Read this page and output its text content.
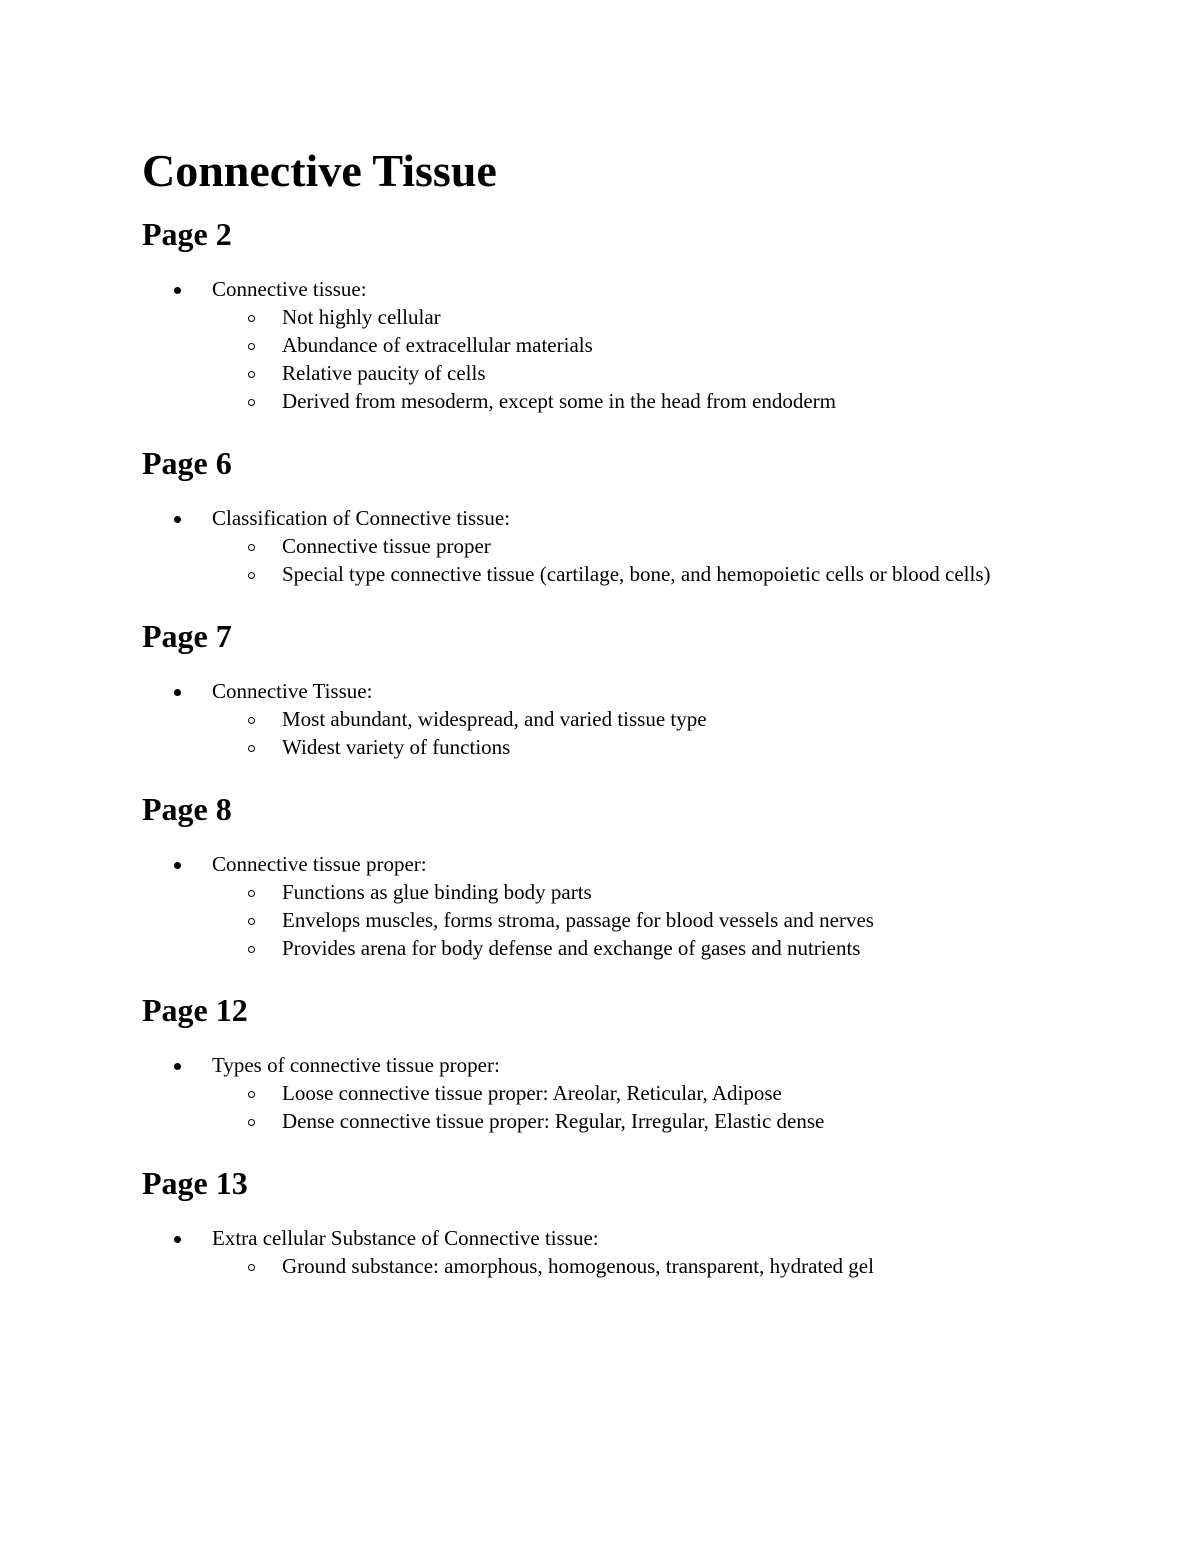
Connective Tissue
Page 2
Connective tissue:
Not highly cellular
Abundance of extracellular materials
Relative paucity of cells
Derived from mesoderm, except some in the head from endoderm
Page 6
Classification of Connective tissue:
Connective tissue proper
Special type connective tissue (cartilage, bone, and hemopoietic cells or blood cells)
Page 7
Connective Tissue:
Most abundant, widespread, and varied tissue type
Widest variety of functions
Page 8
Connective tissue proper:
Functions as glue binding body parts
Envelops muscles, forms stroma, passage for blood vessels and nerves
Provides arena for body defense and exchange of gases and nutrients
Page 12
Types of connective tissue proper:
Loose connective tissue proper: Areolar, Reticular, Adipose
Dense connective tissue proper: Regular, Irregular, Elastic dense
Page 13
Extra cellular Substance of Connective tissue:
Ground substance: amorphous, homogenous, transparent, hydrated gel
